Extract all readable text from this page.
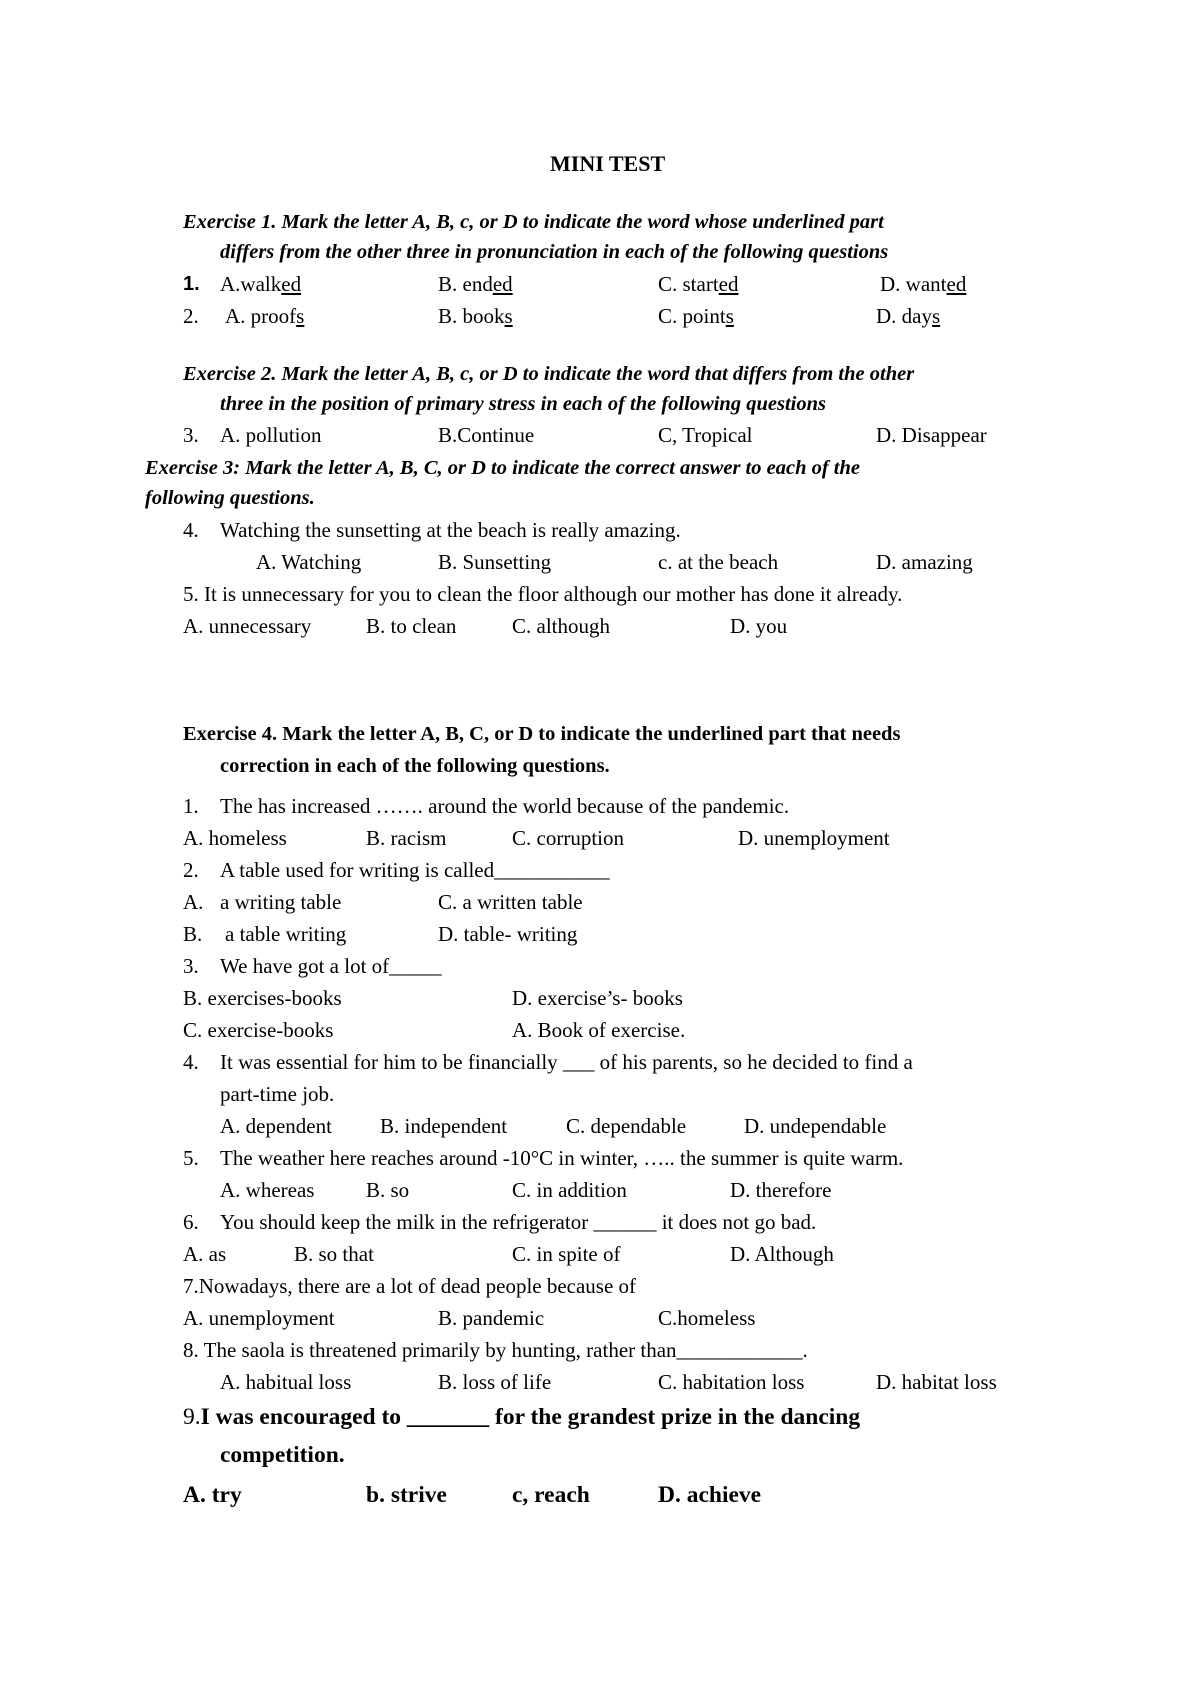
MINI TEST
Exercise 1. Mark the letter A, B, c, or D to indicate the word whose underlined part
differs from the other three in pronunciation in each of the following questions
1. A.walked	B. ended	C. started	D. wanted
2. A. proofs	B. books	C. points	D. days
Exercise 2. Mark the letter A, B, c, or D to indicate the word that differs from the other
three in the position of primary stress in each of the following questions
3. A. pollution	B.Continue	C, Tropical	D. Disappear
Exercise 3: Mark the letter A, B, C, or D to indicate the correct answer to each of the
following questions.
4. Watching the sunsetting at the beach is really amazing.
A. Watching	B. Sunsetting	c. at the beach	D. amazing
5. It is unnecessary for you to clean the floor although our mother has done it already.
A. unnecessary	B. to clean	C. although	D. you
Exercise 4. Mark the letter A, B, C, or D to indicate the underlined part that needs
correction in each of the following questions.
1. The has increased ……. around the world because of the pandemic.
A. homeless	B. racism	C. corruption	D. unemployment
2. A table used for writing is called___________
A. a writing table	C. a written table
B. a table writing	D. table- writing
3. We have got a lot of_____
B. exercises-books	D. exercise’s- books
C. exercise-books	A. Book of exercise.
4. It was essential for him to be financially ___ of his parents, so he decided to find a
part-time job.
A. dependent B. independent	C. dependable	D. undependable
5. The weather here reaches around -10°C in winter, ….. the summer is quite warm.
A. whereas B. so	C. in addition	D. therefore
6. You should keep the milk in the refrigerator ______ it does not go bad.
A. as	B. so that	C. in spite of	D. Although
7.Nowadays, there are a lot of dead people because of
A. unemployment	B. pandemic	C.homeless
8. The saola is threatened primarily by hunting, rather than____________.
A. habitual loss	B. loss of life	C. habitation loss	D. habitat loss
9.I was encouraged to _______ for the grandest prize in the dancing
competition.
A. try	b. strive	c, reach	D. achieve
